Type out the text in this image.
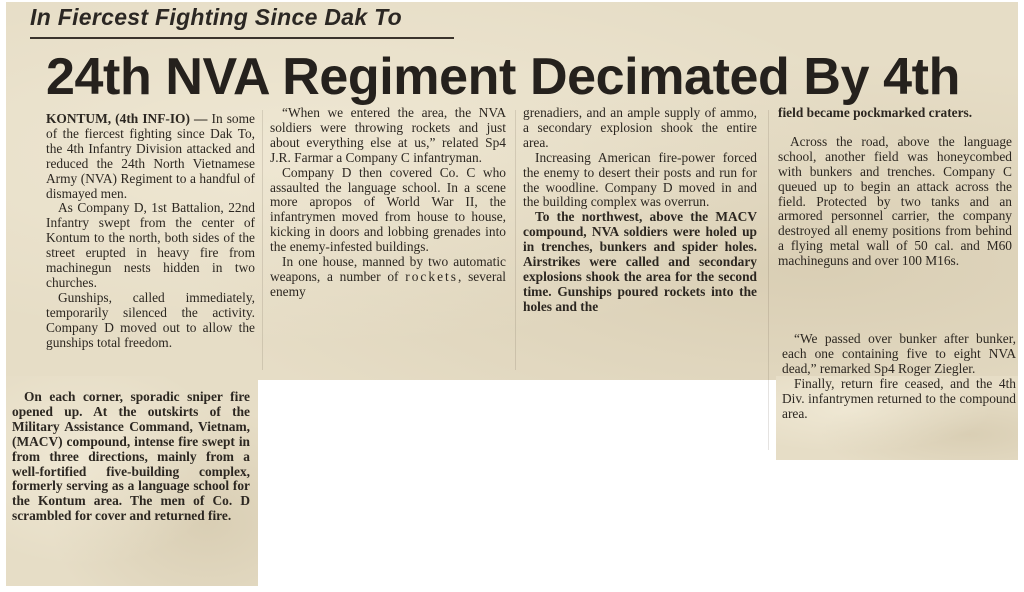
In Fiercest Fighting Since Dak To
24th NVA Regiment Decimated By 4th

KONTUM, (4th INF-IO) — In some of the fiercest fighting since Dak To, the 4th Infantry Division attacked and reduced the 24th North Vietnamese Army (NVA) Regiment to a handful of dismayed men.

As Company D, 1st Battalion, 22nd Infantry swept from the center of Kontum to the north, both sides of the street erupted in heavy fire from machinegun nests hidden in two churches.

Gunships, called immediately, temporarily silenced the activity. Company D moved out to allow the gunships total freedom.

On each corner, sporadic sniper fire opened up. At the outskirts of the Military Assistance Command, Vietnam, (MACV) compound, intense fire swept in from three directions, mainly from a well-fortified five-building complex, formerly serving as a language school for the Kontum area. The men of Co. D scrambled for cover and returned fire.

“When we entered the area, the NVA soldiers were throwing rockets and just about everything else at us,” related Sp4 J.R. Farmar a Company C infantryman.

Company D then covered Co. C who assaulted the language school. In a scene more apropos of World War II, the infantrymen moved from house to house, kicking in doors and lobbing grenades into the enemy-infested buildings.

In one house, manned by two automatic weapons, a number of rockets, several enemy

grenadiers, and an ample supply of ammo, a secondary explosion shook the entire area.

Increasing American fire-power forced the enemy to desert their posts and run for the woodline. Company D moved in and the building complex was overrun.

To the northwest, above the MACV compound, NVA soldiers were holed up in trenches, bunkers and spider holes. Airstrikes were called and secondary explosions shook the area for the second time. Gunships poured rockets into the holes and the

field became pockmarked craters.

Across the road, above the language school, another field was honeycombed with bunkers and trenches. Company C queued up to begin an attack across the field. Protected by two tanks and an armored personnel carrier, the company destroyed all enemy positions from behind a flying metal wall of 50 cal. and M60 machineguns and over 100 M16s.

“We passed over bunker after bunker, each one containing five to eight NVA dead,” remarked Sp4 Roger Ziegler.

Finally, return fire ceased, and the 4th Div. infantrymen returned to the compound area.
